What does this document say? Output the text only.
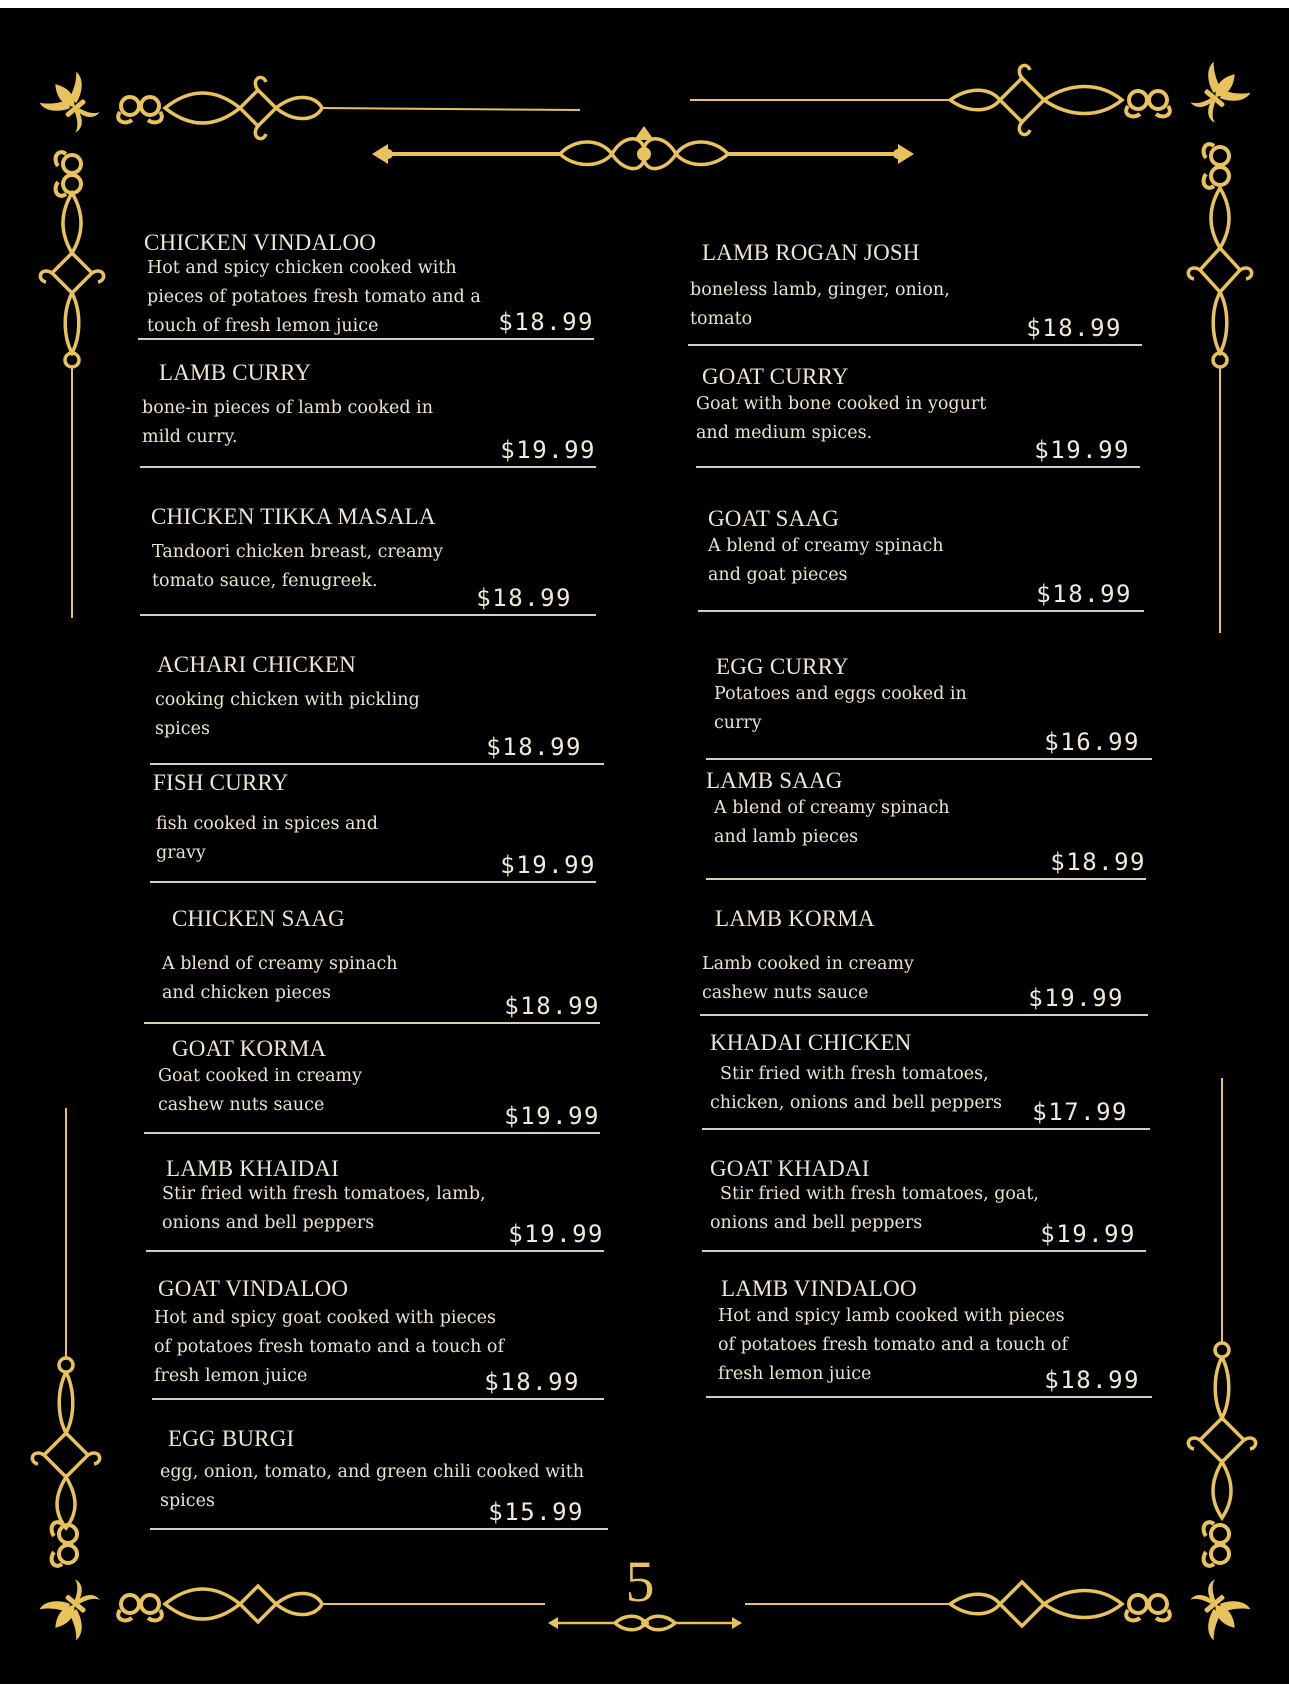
CHICKEN VINDALOO
Hot and spicy chicken cooked with
pieces of potatoes fresh tomato and a
touch of fresh lemon juice	$18.99
LAMB CURRY
bone-in pieces of lamb cooked in
mild curry.	$19.99
CHICKEN TIKKA MASALA
Tandoori chicken breast, creamy
tomato sauce, fenugreek.
$18.99
ACHARI CHICKEN
cooking chicken with pickling
spices
$18.99
FISH CURRY
fish cooked in spices and
gravy	$19.99
CHICKEN SAAG
A blend of creamy spinach
and chicken pieces	$18.99
GOAT KORMA
Goat cooked in creamy
cashew nuts sauce	$19.99
LAMB KHAIDAI
Stir fried with fresh tomatoes, lamb,
onions and bell peppers	$19.99
GOAT VINDALOO
Hot and spicy goat cooked with pieces
of potatoes fresh tomato and a touch of
fresh lemon juice	$18.99
EGG BURGI
egg, onion, tomato, and green chili cooked with
spices	$15.99
LAMB ROGAN JOSH
boneless lamb, ginger, onion,
tomato	$18.99
GOAT CURRY
Goat with bone cooked in yogurt
and medium spices.
$19.99
GOAT SAAG
A blend of creamy spinach
and goat pieces
$18.99
EGG CURRY
Potatoes and eggs cooked in
curry
$16.99
LAMB SAAG
A blend of creamy spinach
and lamb pieces
$18.99
LAMB KORMA
Lamb cooked in creamy
cashew nuts sauce	$19.99
KHADAI CHICKEN
Stir fried with fresh tomatoes,
chicken, onions and bell peppers	$17.99
GOAT KHADAI
Stir fried with fresh tomatoes, goat,
onions and bell peppers	$19.99
LAMB VINDALOO
Hot and spicy lamb cooked with pieces
of potatoes fresh tomato and a touch of
fresh lemon juice	$18.99
5
